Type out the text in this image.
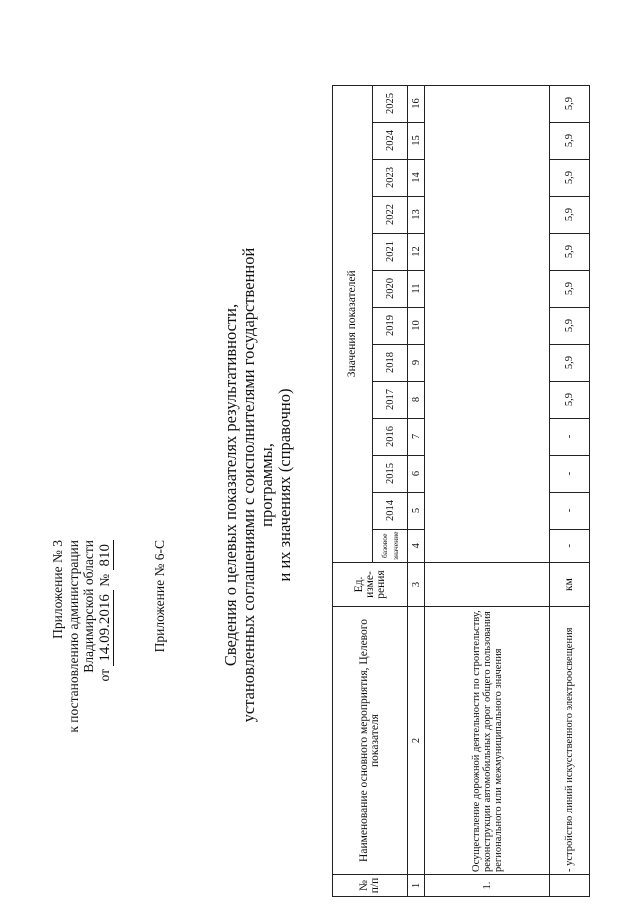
Приложение № 3 к постановлению администрации Владимирской области
от 14.09.2016 № 810	Приложение № 6-С	Сведения о целевых показателях результативности, установленных соглашениями с соисполнителями государственной программы, и их значениях (справочно)
№ п/п	Наименование основного мероприятия, Целевого показателя	Ед. изме-рения	Значения показателей												
			базовое значение	2014	2015	2016	2017	2018	2019	2020	2021	2022	2023	2024	2025
1	2	3	4	5	6	7	8	9	10	11	12	13	14	15	16
1.	Осуществление дорожной деятельности по строительству, реконструкции автомобильных дорог общего пользования регионального или межмуниципального значения														
	- устройство линий искусственного электроосвещения	км	-	-	-	-	5,9	5,9	5,9	5,9	5,9	5,9	5,9	5,9	5,9
